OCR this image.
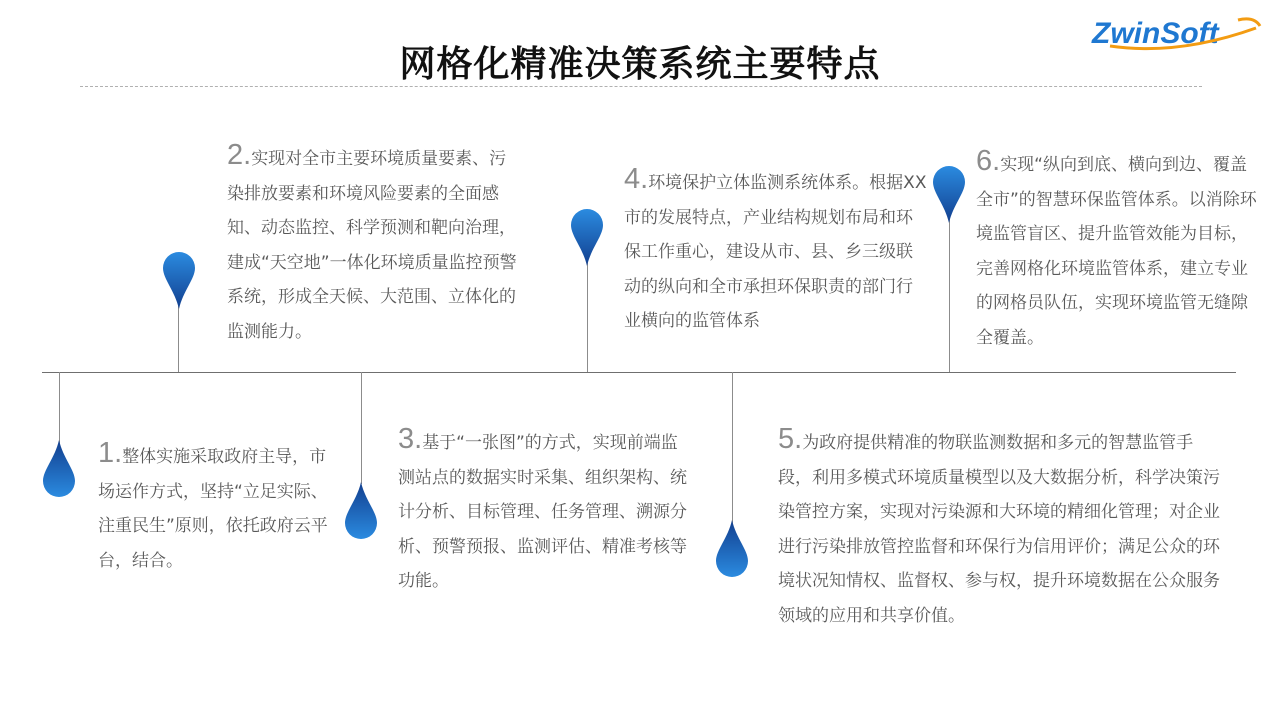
网格化精准决策系统主要特点
ZwinSoft
1.整体实施采取政府主导，市场运作方式，坚持“立足实际、注重民生”原则，依托政府云平台，结合。
2.实现对全市主要环境质量要素、污染排放要素和环境风险要素的全面感知、动态监控、科学预测和靶向治理，建成“天空地”一体化环境质量监控预警系统，形成全天候、大范围、立体化的监测能力。
3.基于“一张图”的方式，实现前端监测站点的数据实时采集、组织架构、统计分析、目标管理、任务管理、溯源分析、预警预报、监测评估、精准考核等功能。
4.环境保护立体监测系统体系。根据XX市的发展特点，产业结构规划布局和环保工作重心，建设从市、县、乡三级联动的纵向和全市承担环保职责的部门行业横向的监管体系
5.为政府提供精准的物联监测数据和多元的智慧监管手段，利用多模式环境质量模型以及大数据分析，科学决策污染管控方案，实现对污染源和大环境的精细化管理；对企业进行污染排放管控监督和环保行为信用评价；满足公众的环境状况知情权、监督权、参与权，提升环境数据在公众服务领域的应用和共享价值。
6.实现“纵向到底、横向到边、覆盖全市”的智慧环保监管体系。以消除环境监管盲区、提升监管效能为目标，完善网格化环境监管体系，建立专业的网格员队伍，实现环境监管无缝隙全覆盖。
